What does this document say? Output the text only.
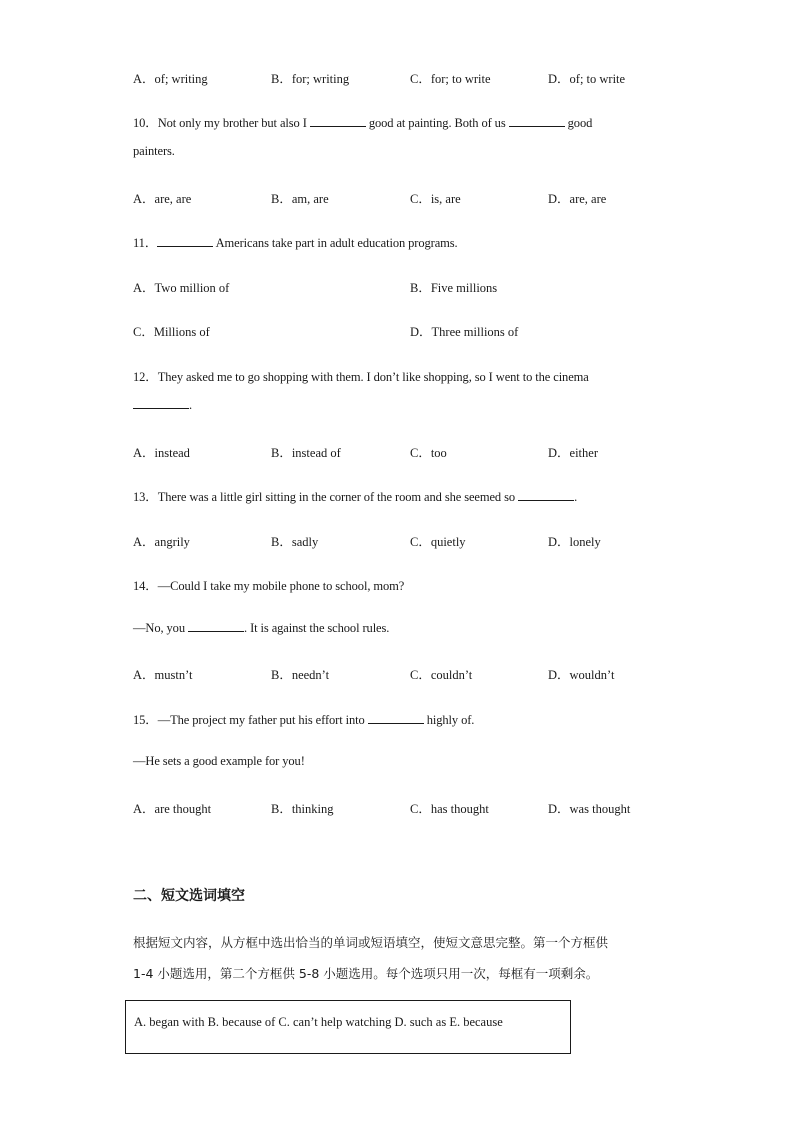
A．of; writing	B．for; writing	C．for; to write	D．of; to write
10．Not only my brother but also I	good at painting. Both of us	good
painters.
A．are, are	B．am, are	C．is, are	D．are, are
11．	Americans take part in adult education programs.
A．Two million of	B．Five millions
C．Millions of	D．Three millions of
12．They asked me to go shopping with them. I don’t like shopping, so I went to the cinema
.
A．instead	B．instead of	C．too	D．either
13．There was a little girl sitting in the corner of the room and she seemed so	.
A．angrily	B．sadly	C．quietly	D．lonely
14．—Could I take my mobile phone to school, mom?
—No, you	. It is against the school rules.
A．mustn’t	B．needn’t	C．couldn’t	D．wouldn’t
15．—The project my father put his effort into	highly of.
—He sets a good example for you!
A．are thought	B．thinking	C．has thought	D．was thought
二、短文选词填空
根据短文内容，从方框中选出恰当的单词或短语填空，使短文意思完整。第一个方框供
1-4 小题选用，第二个方框供 5-8 小题选用。每个选项只用一次，每框有一项剩余。
A. began with B. because of C. can’t help watching D. such as E. because
